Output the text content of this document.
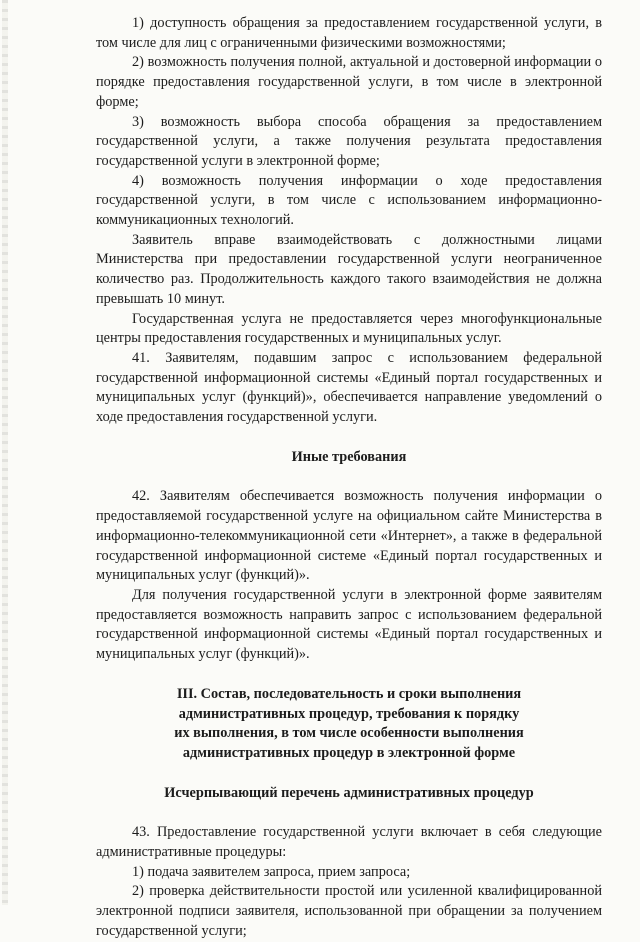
1) доступность обращения за предоставлением государственной услуги, в том числе для лиц с ограниченными физическими возможностями;

2) возможность получения полной, актуальной и достоверной информации о порядке предоставления государственной услуги, в том числе в электронной форме;

3) возможность выбора способа обращения за предоставлением государственной услуги, а также получения результата предоставления государственной услуги в электронной форме;

4) возможность получения информации о ходе предоставления государственной услуги, в том числе с использованием информационно-коммуникационных технологий.

Заявитель вправе взаимодействовать с должностными лицами Министерства при предоставлении государственной услуги неограниченное количество раз. Продолжительность каждого такого взаимодействия не должна превышать 10 минут.

Государственная услуга не предоставляется через многофункциональные центры предоставления государственных и муниципальных услуг.

41. Заявителям, подавшим запрос с использованием федеральной государственной информационной системы «Единый портал государственных и муниципальных услуг (функций)», обеспечивается направление уведомлений о ходе предоставления государственной услуги.

Иные требования

42. Заявителям обеспечивается возможность получения информации о предоставляемой государственной услуге на официальном сайте Министерства в информационно-телекоммуникационной сети «Интернет», а также в федеральной государственной информационной системе «Единый портал государственных и муниципальных услуг (функций)».

Для получения государственной услуги в электронной форме заявителям предоставляется возможность направить запрос с использованием федеральной государственной информационной системы «Единый портал государственных и муниципальных услуг (функций)».

III. Состав, последовательность и сроки выполнения
административных процедур, требования к порядку
их выполнения, в том числе особенности выполнения
административных процедур в электронной форме
Исчерпывающий перечень административных процедур

43. Предоставление государственной услуги включает в себя следующие административные процедуры:

1) подача заявителем запроса, прием запроса;

2) проверка действительности простой или усиленной квалифицированной электронной подписи заявителя, использованной при обращении за получением государственной услуги;
